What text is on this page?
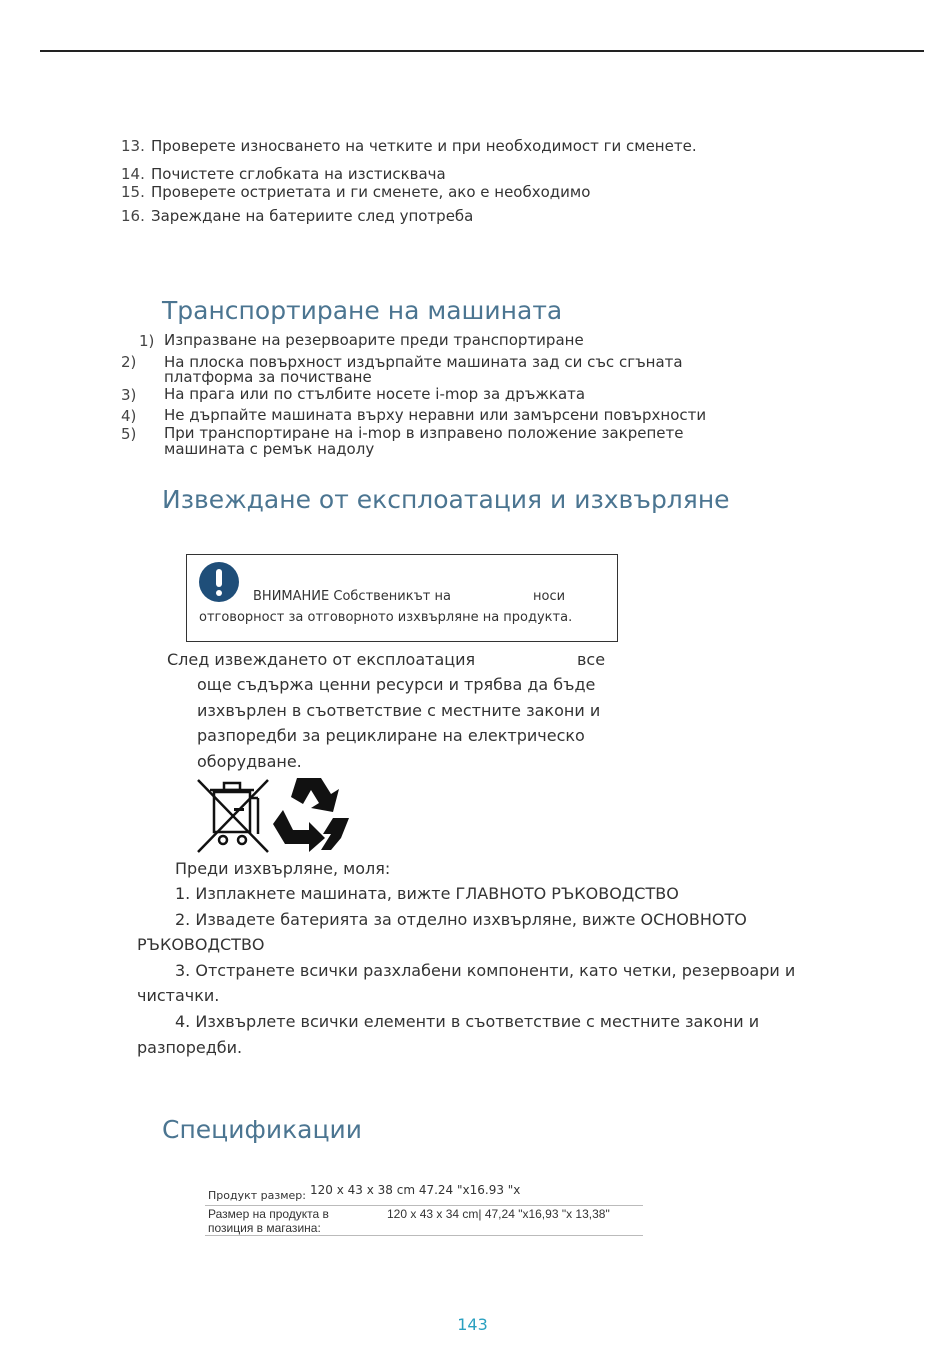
13. Проверете износването на четките и при необходимост ги сменете.
14. Почистете сглобката на изстисквача
15. Проверете остриетата и ги сменете, ако е необходимо
16. Зареждане на батериите след употреба
Транспортиране на машината
1) Изпразване на резервоарите преди транспортиране
2) На плоска повърхност издърпайте машината зад си със сгъната
платформа за почистване
3) На прага или по стълбите носете i-mop за дръжката
4) Не дърпайте машината върху неравни или замърсени повърхности
5) При транспортиране на i-mop в изправено положение закрепете
машината с ремък надолу
Извеждане от експлоатация и изхвърляне
ВНИМАНИЕ Собственикът на	носи
отговорност за отговорното изхвърляне на продукта.
След извеждането от експлоатация	все
още съдържа ценни ресурси и трябва да бъде
изхвърлен в съответствие с местните закони и
разпоредби за рециклиране на електрическо
оборудване.
Преди изхвърляне, моля:
1. Изплакнете машината, вижте ГЛАВНОТО РЪКОВОДСТВО
2. Извадете батерията за отделно изхвърляне, вижте ОСНОВНОТО
РЪКОВОДСТВО
3. Отстранете всички разхлабени компоненти, като четки, резервоари и
чистачки.
4. Изхвърлете всички елементи в съответствие с местните закони и
разпоредби.
Спецификации
Продукт размер: 120 x 43 x 38 cm 47.24 "x16.93 "x
Размер на продукта в
позиция в магазина:
120 x 43 x 34 cm| 47,24 "x16,93 "x 13,38"
143
